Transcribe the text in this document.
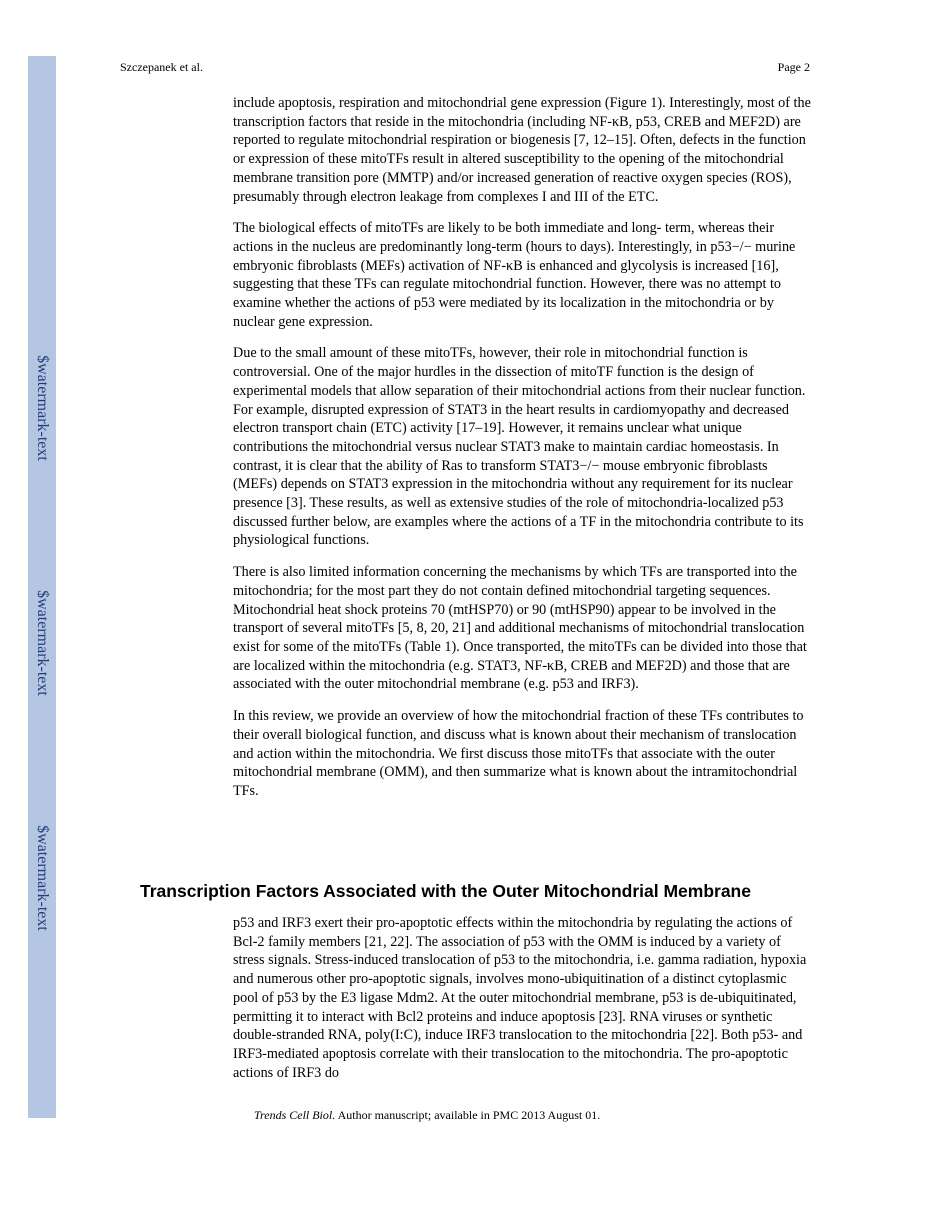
$watermark-text
$watermark-text
$watermark-text
Szczepanek et al.	Page 2

include apoptosis, respiration and mitochondrial gene expression (Figure 1). Interestingly, most of the transcription factors that reside in the mitochondria (including NF-κB, p53, CREB and MEF2D) are reported to regulate mitochondrial respiration or biogenesis [7, 12–15]. Often, defects in the function or expression of these mitoTFs result in altered susceptibility to the opening of the mitochondrial membrane transition pore (MMTP) and/or increased generation of reactive oxygen species (ROS), presumably through electron leakage from complexes I and III of the ETC.

The biological effects of mitoTFs are likely to be both immediate and long- term, whereas their actions in the nucleus are predominantly long-term (hours to days). Interestingly, in p53−/− murine embryonic fibroblasts (MEFs) activation of NF-κB is enhanced and glycolysis is increased [16], suggesting that these TFs can regulate mitochondrial function. However, there was no attempt to examine whether the actions of p53 were mediated by its localization in the mitochondria or by nuclear gene expression.

Due to the small amount of these mitoTFs, however, their role in mitochondrial function is controversial. One of the major hurdles in the dissection of mitoTF function is the design of experimental models that allow separation of their mitochondrial actions from their nuclear function. For example, disrupted expression of STAT3 in the heart results in cardiomyopathy and decreased electron transport chain (ETC) activity [17–19]. However, it remains unclear what unique contributions the mitochondrial versus nuclear STAT3 make to maintain cardiac homeostasis. In contrast, it is clear that the ability of Ras to transform STAT3−/− mouse embryonic fibroblasts (MEFs) depends on STAT3 expression in the mitochondria without any requirement for its nuclear presence [3]. These results, as well as extensive studies of the role of mitochondria-localized p53 discussed further below, are examples where the actions of a TF in the mitochondria contribute to its physiological functions.

There is also limited information concerning the mechanisms by which TFs are transported into the mitochondria; for the most part they do not contain defined mitochondrial targeting sequences. Mitochondrial heat shock proteins 70 (mtHSP70) or 90 (mtHSP90) appear to be involved in the transport of several mitoTFs [5, 8, 20, 21] and additional mechanisms of mitochondrial translocation exist for some of the mitoTFs (Table 1). Once transported, the mitoTFs can be divided into those that are localized within the mitochondria (e.g. STAT3, NF-κB, CREB and MEF2D) and those that are associated with the outer mitochondrial membrane (e.g. p53 and IRF3).

In this review, we provide an overview of how the mitochondrial fraction of these TFs contributes to their overall biological function, and discuss what is known about their mechanism of translocation and action within the mitochondria. We first discuss those mitoTFs that associate with the outer mitochondrial membrane (OMM), and then summarize what is known about the intramitochondrial TFs.

Transcription Factors Associated with the Outer Mitochondrial Membrane

p53 and IRF3 exert their pro-apoptotic effects within the mitochondria by regulating the actions of Bcl-2 family members [21, 22]. The association of p53 with the OMM is induced by a variety of stress signals. Stress-induced translocation of p53 to the mitochondria, i.e. gamma radiation, hypoxia and numerous other pro-apoptotic signals, involves mono-ubiquitination of a distinct cytoplasmic pool of p53 by the E3 ligase Mdm2. At the outer mitochondrial membrane, p53 is de-ubiquitinated, permitting it to interact with Bcl2 proteins and induce apoptosis [23]. RNA viruses or synthetic double-stranded RNA, poly(I:C), induce IRF3 translocation to the mitochondria [22]. Both p53- and IRF3-mediated apoptosis correlate with their translocation to the mitochondria. The pro-apoptotic actions of IRF3 do

Trends Cell Biol. Author manuscript; available in PMC 2013 August 01.
